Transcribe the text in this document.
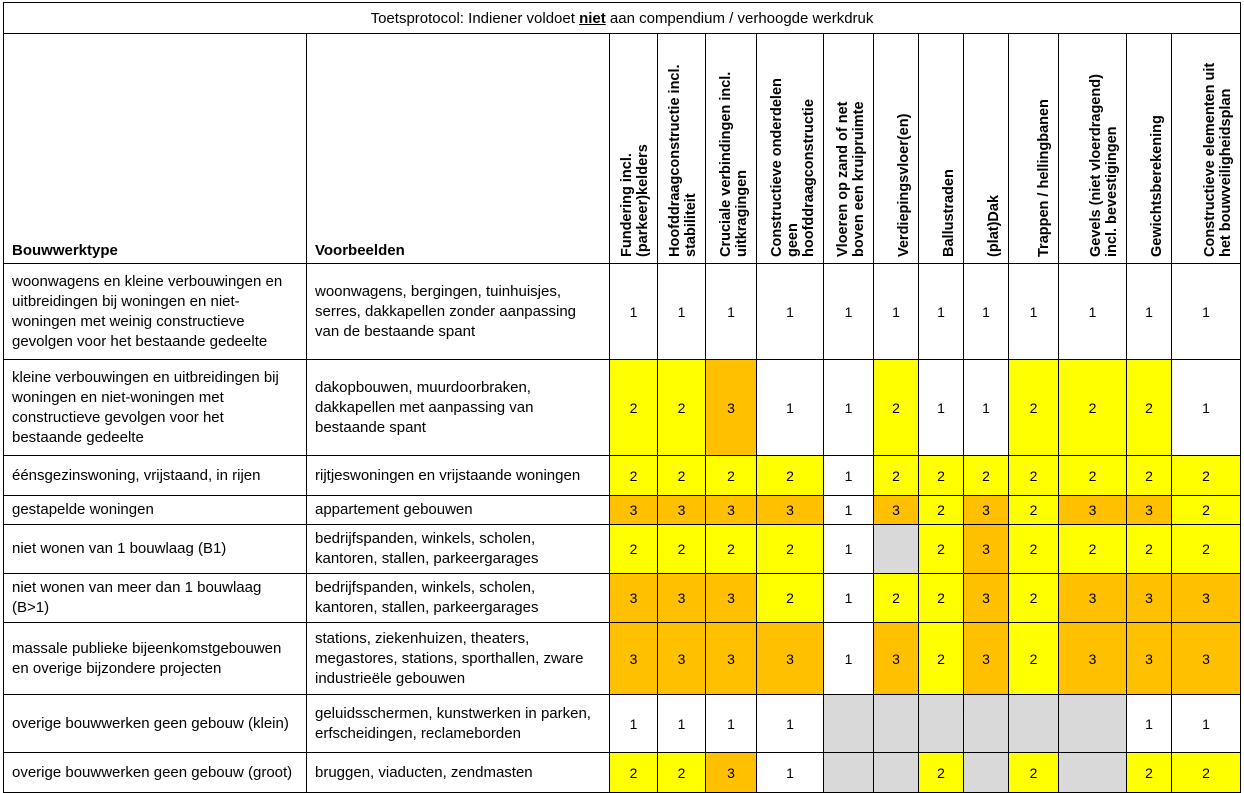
Toetsprotocol: Indiener voldoet niet aan compendium / verhoogde werkdruk													
Bouwwerktype	Voorbeelden	Fundering incl. (parkeer)kelders	Hoofddraagconstructie incl. stabiliteit	Cruciale verbindingen incl. uitkragingen	Constructieve onderdelen geen hoofddraagconstructie	Vloeren op zand of net boven een kruipruimte	Verdiepingsvloer(en)	Ballustraden	(plat)Dak	Trappen / hellingbanen	Gevels (niet vloerdragend) incl. bevestigingen	Gewichtsberekening	Constructieve elementen uit het bouwveiligheidsplan

woonwagens en kleine verbouwingen en uitbreidingen bij woningen en niet-woningen met weinig constructieve gevolgen voor het bestaande gedeelte	woonwagens, bergingen, tuinhuisjes, serres, dakkapellen zonder aanpassing van de bestaande spant	1	1	1	1	1	1	1	1	1	1	1	1
kleine verbouwingen en uitbreidingen bij woningen en niet-woningen met constructieve gevolgen voor het bestaande gedeelte	dakopbouwen, muurdoorbraken, dakkapellen met aanpassing van bestaande spant	2	2	3	1	1	2	1	1	2	2	2	1
éénsgezinswoning, vrijstaand, in rijen	rijtjeswoningen en vrijstaande woningen	2	2	2	2	1	2	2	2	2	2	2	2
gestapelde woningen	appartement gebouwen	3	3	3	3	1	3	2	3	2	3	3	2
niet wonen van 1 bouwlaag (B1)	bedrijfspanden, winkels, scholen, kantoren, stallen, parkeergarages	2	2	2	2	1		2	3	2	2	2	2
niet wonen van meer dan 1 bouwlaag (B>1)	bedrijfspanden, winkels, scholen, kantoren, stallen, parkeergarages	3	3	3	2	1	2	2	3	2	3	3	3
massale publieke bijeenkomstgebouwen en overige bijzondere projecten	stations, ziekenhuizen, theaters, megastores, stations, sporthallen, zware industrieële gebouwen	3	3	3	3	1	3	2	3	2	3	3	3
overige bouwwerken geen gebouw (klein)	geluidsschermen, kunstwerken in parken, erfscheidingen, reclameborden	1	1	1	1							1	1
overige bouwwerken geen gebouw (groot)	bruggen, viaducten, zendmasten	2	2	3	1			2		2		2	2
